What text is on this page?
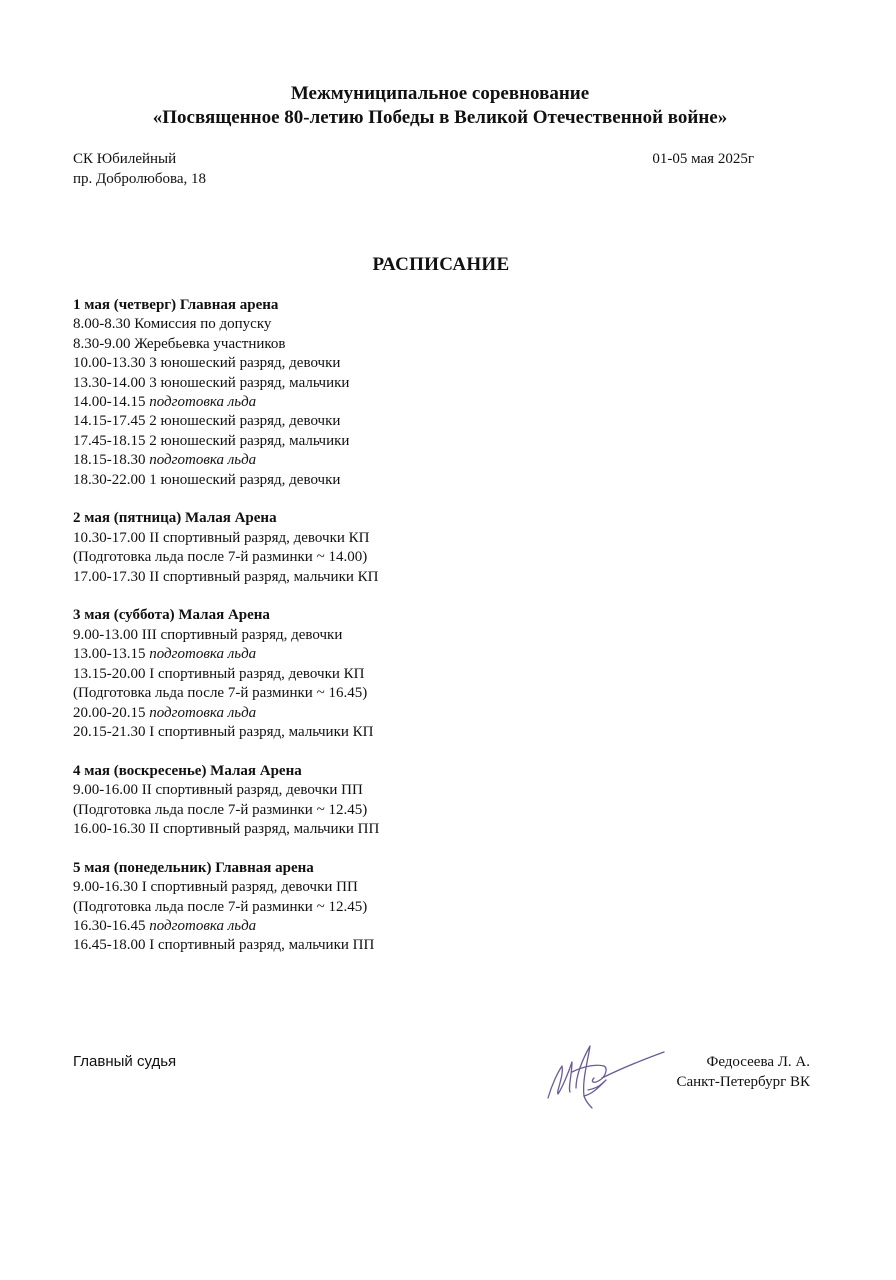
Межмуниципальное соревнование
«Посвященное 80-летию Победы в Великой Отечественной войне»
СК Юбилейный
пр. Добролюбова, 18
01-05 мая 2025г
РАСПИСАНИЕ
1 мая (четверг) Главная арена
8.00-8.30 Комиссия по допуску
8.30-9.00 Жеребьевка участников
10.00-13.30 3 юношеский разряд, девочки
13.30-14.00 3 юношеский разряд, мальчики
14.00-14.15 подготовка льда
14.15-17.45 2 юношеский разряд, девочки
17.45-18.15 2 юношеский разряд, мальчики
18.15-18.30 подготовка льда
18.30-22.00 1 юношеский разряд, девочки
2 мая (пятница) Малая Арена
10.30-17.00 II спортивный разряд, девочки КП
(Подготовка льда после 7-й разминки ~ 14.00)
17.00-17.30 II спортивный разряд, мальчики КП
3 мая (суббота) Малая Арена
9.00-13.00 III спортивный разряд, девочки
13.00-13.15 подготовка льда
13.15-20.00 I спортивный разряд, девочки КП
(Подготовка льда после 7-й разминки ~ 16.45)
20.00-20.15 подготовка льда
20.15-21.30 I спортивный разряд, мальчики КП
4 мая (воскресенье) Малая Арена
9.00-16.00 II спортивный разряд, девочки ПП
(Подготовка льда после 7-й разминки ~ 12.45)
16.00-16.30 II спортивный разряд, мальчики ПП
5 мая (понедельник) Главная арена
9.00-16.30 I спортивный разряд, девочки ПП
(Подготовка льда после 7-й разминки ~ 12.45)
16.30-16.45 подготовка льда
16.45-18.00 I спортивный разряд, мальчики ПП
Главный судья	Федосеева Л. А.
Санкт-Петербург ВК
